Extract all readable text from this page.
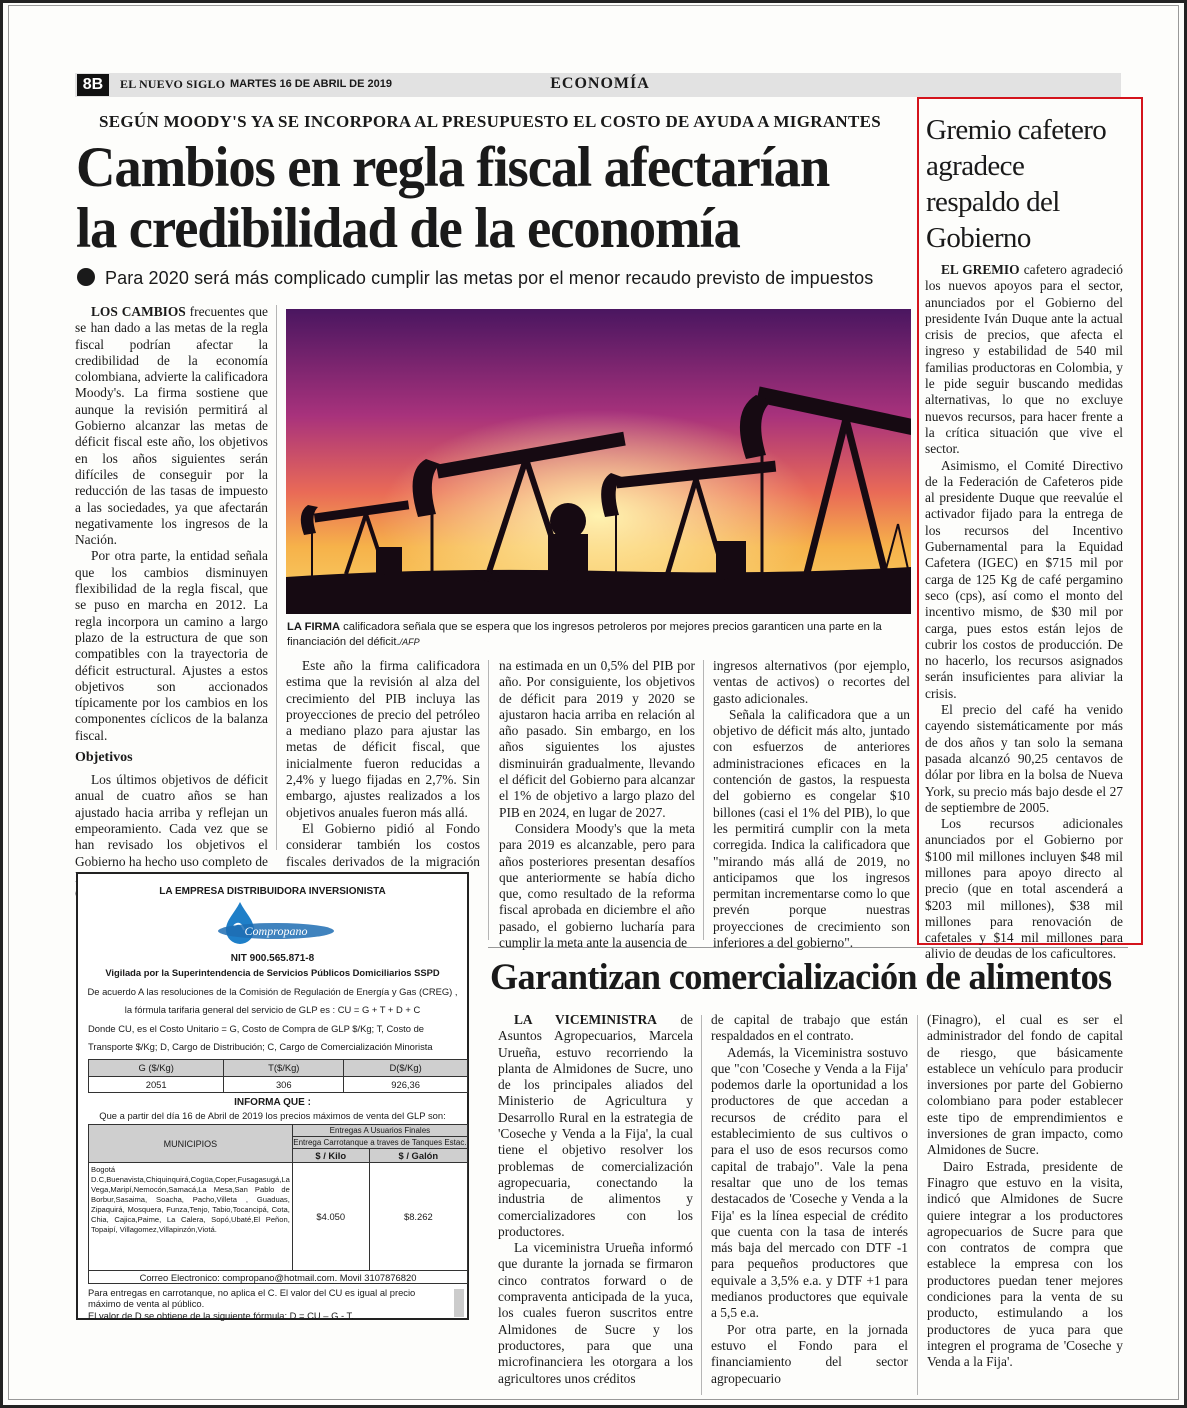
8B	EL NUEVO SIGLO MARTES 16 DE ABRIL DE 2019	ECONOMÍA
SEGÚN MOODY'S YA SE INCORPORA AL PRESUPUESTO EL COSTO DE AYUDA A MIGRANTES
Cambios en regla fiscal afectarían
la credibilidad de la economía
Para 2020 será más complicado cumplir las metas por el menor recaudo previsto de impuestos

LOS CAMBIOS frecuentes que se han dado a las metas de la regla fiscal podrían afectar la credibilidad de la economía colombiana, advierte la calificadora Moody's. La firma sostiene que aunque la revisión permitirá al Gobierno alcanzar las metas de déficit fiscal este año, los objetivos en los años siguientes serán difíciles de conseguir por la reducción de las tasas de impuesto a las sociedades, ya que afectarán negativamente los ingresos de la Nación.

Por otra parte, la entidad señala que los cambios disminuyen flexibilidad de la regla fiscal, que se puso en marcha en 2012. La regla incorpora un camino a largo plazo de la estructura de que son compatibles con la trayectoria de déficit estructural. Ajustes a estos objetivos son accionados típicamente por los cambios en los componentes cíclicos de la balanza fiscal.

Objetivos

Los últimos objetivos de déficit anual de cuatro años se han ajustado hacia arriba y reflejan un empeoramiento. Cada vez que se han revisado los objetivos el Gobierno ha hecho uso completo de

LA FIRMA calificadora señala que se espera que los ingresos petroleros por mejores precios garanticen una parte en la financiación del déficit./AFP

Este año la firma calificadora estima que la revisión al alza del crecimiento del PIB incluya las proyecciones de precio del petróleo a mediano plazo para ajustar las metas de déficit fiscal, que inicialmente fueron reducidas a 2,4% y luego fijadas en 2,7%. Sin embargo, ajustes realizados a los objetivos anuales fueron más allá.

El Gobierno pidió al Fondo considerar también los costos fiscales derivados de la migración

na estimada en un 0,5% del PIB por año. Por consiguiente, los objetivos de déficit para 2019 y 2020 se ajustaron hacia arriba en relación al año pasado. Sin embargo, en los años siguientes los ajustes disminuirán gradualmente, llevando el déficit del Gobierno para alcanzar el 1% de objetivo a largo plazo del PIB en 2024, en lugar de 2027.

Considera Moody's que la meta para 2019 es alcanzable, pero para años posteriores presentan desafíos que anteriormente se había dicho que, como resultado de la reforma fiscal aprobada en diciembre el año pasado, el gobierno lucharía para cumplir la meta ante la ausencia de

ingresos alternativos (por ejemplo, ventas de activos) o recortes del gasto adicionales.

Señala la calificadora que a un objetivo de déficit más alto, juntado con esfuerzos de anteriores administraciones eficaces en la contención de gastos, la respuesta del gobierno es congelar $10 billones (casi el 1% del PIB), lo que les permitirá cumplir con la meta corregida. Indica la calificadora que "mirando más allá de 2019, no anticipamos que los ingresos permitan incrementarse como lo que prevén porque nuestras proyecciones de crecimiento son inferiores a del gobierno".

Gremio cafetero
agradece
respaldo del
Gobierno

EL GREMIO cafetero agradeció los nuevos apoyos para el sector, anunciados por el Gobierno del presidente Iván Duque ante la actual crisis de precios, que afecta el ingreso y estabilidad de 540 mil familias productoras en Colombia, y le pide seguir buscando medidas alternativas, lo que no excluye nuevos recursos, para hacer frente a la crítica situación que vive el sector.

Asimismo, el Comité Directivo de la Federación de Cafeteros pide al presidente Duque que reevalúe el activador fijado para la entrega de los recursos del Incentivo Gubernamental para la Equidad Cafetera (IGEC) en $715 mil por carga de 125 Kg de café pergamino seco (cps), así como el monto del incentivo mismo, de $30 mil por carga, pues estos están lejos de cubrir los costos de producción. De no hacerlo, los recursos asignados serán insuficientes para aliviar la crisis.

El precio del café ha venido cayendo sistemáticamente por más de dos años y tan solo la semana pasada alcanzó 90,25 centavos de dólar por libra en la bolsa de Nueva York, su precio más bajo desde el 27 de septiembre de 2005.

Los recursos adicionales anunciados por el Gobierno por $100 mil millones incluyen $48 mil millones para apoyo directo al precio (que en total ascenderá a $203 mil millones), $38 mil millones para renovación de cafetales y $14 mil millones para alivio de deudas de los caficultores.

Garantizan comercialización de alimentos

LA VICEMINISTRA de Asuntos Agropecuarios, Marcela Urueña, estuvo recorriendo la planta de Almidones de Sucre, uno de los principales aliados del Ministerio de Agricultura y Desarrollo Rural en la estrategia de 'Coseche y Venda a la Fija', la cual tiene el objetivo resolver los problemas de comercialización agropecuaria, conectando la industria de alimentos y comercializadores con los productores.

La viceministra Urueña informó que durante la jornada se firmaron cinco contratos forward o de compraventa anticipada de la yuca, los cuales fueron suscritos entre Almidones de Sucre y los productores, para que una microfinanciera les otorgara a los agricultores unos créditos

de capital de trabajo que están respaldados en el contrato.

Además, la Viceministra sostuvo que "con 'Coseche y Venda a la Fija' podemos darle la oportunidad a los productores de que accedan a recursos de crédito para el establecimiento de sus cultivos o para el uso de esos recursos como capital de trabajo". Vale la pena resaltar que uno de los temas destacados de 'Coseche y Venda a la Fija' es la línea especial de crédito que cuenta con la tasa de interés más baja del mercado con DTF -1 para pequeños productores que equivale a 3,5% e.a. y DTF +1 para medianos productores que equivale a 5,5 e.a.

Por otra parte, en la jornada estuvo el Fondo para el financiamiento del sector agropecuario

(Finagro), el cual es ser el administrador del fondo de capital de riesgo, que básicamente establece un vehículo para producir inversiones por parte del Gobierno colombiano para poder establecer este tipo de emprendimientos e inversiones de gran impacto, como Almidones de Sucre.

Dairo Estrada, presidente de Finagro que estuvo en la visita, indicó que Almidones de Sucre quiere integrar a los productores agropecuarios de Sucre para que con contratos de compra que establece la empresa con los productores puedan tener mejores condiciones para la venta de su producto, estimulando a los productores de yuca para que integren el programa de 'Coseche y Venda a la Fija'.

LA EMPRESA DISTRIBUIDORA INVERSIONISTA
Compropano
NIT 900.565.871-8
Vigilada por la Superintendencia de Servicios Públicos Domiciliarios SSPD
De acuerdo A las resoluciones de la Comisión de Regulación de Energía y Gas (CREG) ,
la fórmula tarifaria general del servicio de GLP es : CU = G + T + D + C
Donde CU, es el Costo Unitario = G, Costo de Compra de GLP $/Kg; T, Costo de
Transporte $/Kg; D, Cargo de Distribución; C, Cargo de Comercialización Minorista
G ($/Kg)	T($/Kg)	D($/Kg)
2051	306	926,36
INFORMA QUE :
Que a partir del día 16 de Abril de 2019 los precios máximos de venta del GLP son:
MUNICIPIOS	Entregas A Usuarios Finales	
	Entrega Carrotanque a traves de Tanques Estac.	
	$ / Kilo	$ / Galón
Bogotá D.C,Buenavista,Chiquinquirá,Cogüa,Coper,Fusagasugá,La Vega,Maripí,Nemocón,Samacá,La Mesa,San Pablo de Borbur,Sasaima, Soacha, Pacho,Villeta , Guaduas, Zipaquirá, Mosquera, Funza,Tenjo, Tabio,Tocancipá, Cota, Chia, Cajica,Paime, La Calera, Sopó,Ubaté,El Peñon, Topaipí, Villagomez,Villapinzón,Viotá.	$4.050	$8.262
Correo Electronico: compropano@hotmail.com. Movil 3107876820		
Para entregas en carrotanque, no aplica el C. El valor del CU es igual al precio
máximo de venta al público.
El valor de D se obtiene de la siguiente fórmula: D = CU – G - T.
